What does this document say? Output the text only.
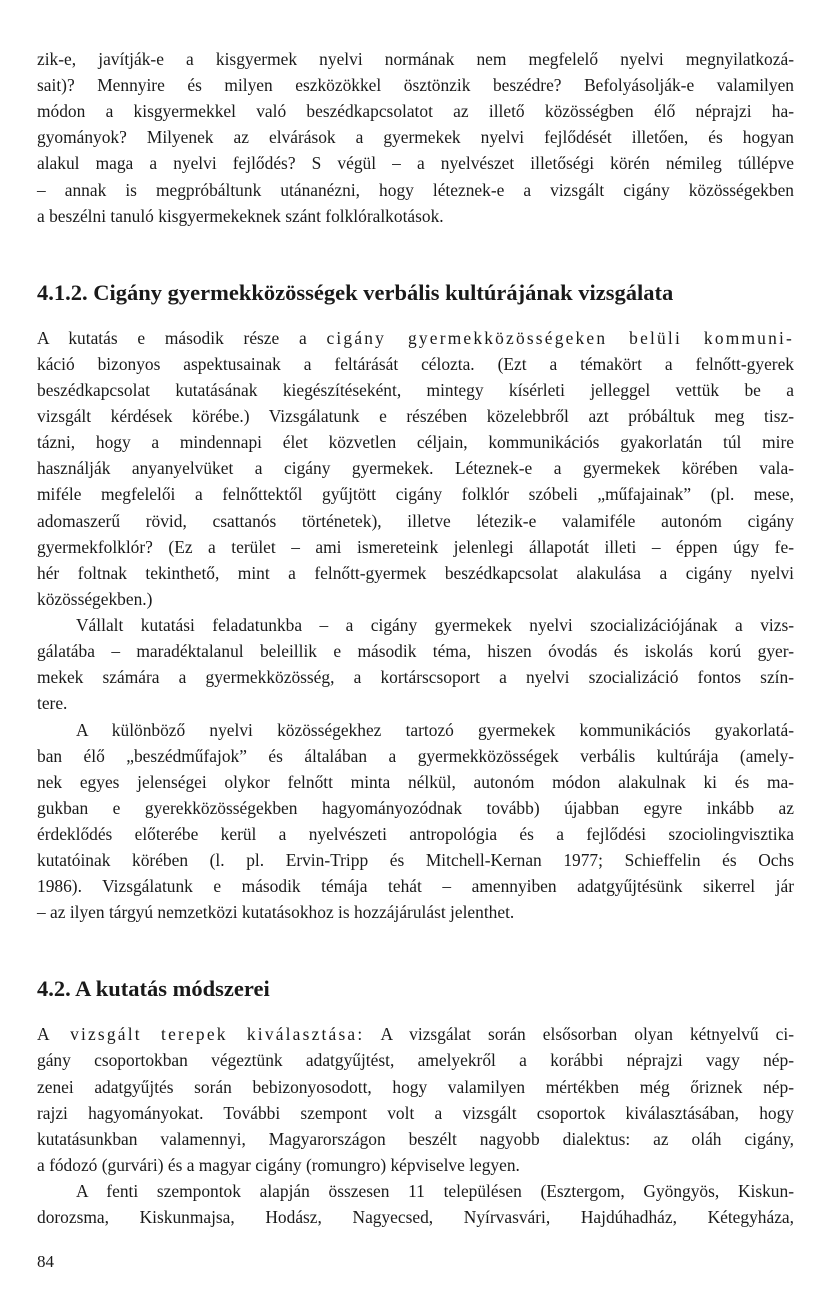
zik-e, javítják-e a kisgyermek nyelvi normának nem megfelelő nyelvi megnyilatkozá-
sait)? Mennyire és milyen eszközökkel ösztönzik beszédre? Befolyásolják-e valamilyen
módon a kisgyermekkel való beszédkapcsolatot az illető közösségben élő néprajzi ha-
gyományok? Milyenek az elvárások a gyermekek nyelvi fejlődését illetően, és hogyan
alakul maga a nyelvi fejlődés? S végül – a nyelvészet illetőségi körén némileg túllépve
– annak is megpróbáltunk utánanézni, hogy léteznek-e a vizsgált cigány közösségekben
a beszélni tanuló kisgyermekeknek szánt folklóralkotások.
4.1.2. Cigány gyermekközösségek verbális kultúrájának vizsgálata
A kutatás e második része a cigány gyermekközösségeken belüli kommuni-
káció bizonyos aspektusainak a feltárását célozta. (Ezt a témakört a felnőtt-gyerek
beszédkapcsolat kutatásának kiegészítéseként, mintegy kísérleti jelleggel vettük be a
vizsgált kérdések körébe.) Vizsgálatunk e részében közelebbről azt próbáltuk meg tisz-
tázni, hogy a mindennapi élet közvetlen céljain, kommunikációs gyakorlatán túl mire
használják anyanyelvüket a cigány gyermekek. Léteznek-e a gyermekek körében vala-
miféle megfelelői a felnőttektől gyűjtött cigány folklór szóbeli „műfajainak” (pl. mese,
adomaszerű rövid, csattanós történetek), illetve létezik-e valamiféle autonóm cigány
gyermekfolklór? (Ez a terület – ami ismereteink jelenlegi állapotát illeti – éppen úgy fe-
hér foltnak tekinthető, mint a felnőtt-gyermek beszédkapcsolat alakulása a cigány nyelvi
közösségekben.)
Vállalt kutatási feladatunkba – a cigány gyermekek nyelvi szocializációjának a vizs-
gálatába – maradéktalanul beleillik e második téma, hiszen óvodás és iskolás korú gyer-
mekek számára a gyermekközösség, a kortárscsoport a nyelvi szocializáció fontos szín-
tere.
A különböző nyelvi közösségekhez tartozó gyermekek kommunikációs gyakorlatá-
ban élő „beszédműfajok” és általában a gyermekközösségek verbális kultúrája (amely-
nek egyes jelenségei olykor felnőtt minta nélkül, autonóm módon alakulnak ki és ma-
gukban e gyerekközösségekben hagyományozódnak tovább) újabban egyre inkább az
érdeklődés előterébe kerül a nyelvészeti antropológia és a fejlődési szociolingvisztika
kutatóinak körében (l. pl. Ervin-Tripp és Mitchell-Kernan 1977; Schieffelin és Ochs
1986). Vizsgálatunk e második témája tehát – amennyiben adatgyűjtésünk sikerrel jár
– az ilyen tárgyú nemzetközi kutatásokhoz is hozzájárulást jelenthet.
4.2. A kutatás módszerei
A vizsgált terepek kiválasztása: A vizsgálat során elsősorban olyan kétnyelvű ci-
gány csoportokban végeztünk adatgyűjtést, amelyekről a korábbi néprajzi vagy nép-
zenei adatgyűjtés során bebizonyosodott, hogy valamilyen mértékben még őriznek nép-
rajzi hagyományokat. További szempont volt a vizsgált csoportok kiválasztásában, hogy
kutatásunkban valamennyi, Magyarországon beszélt nagyobb dialektus: az oláh cigány,
a fódozó (gurvári) és a magyar cigány (romungro) képviselve legyen.
A fenti szempontok alapján összesen 11 településen (Esztergom, Gyöngyös, Kiskun-
dorozsma, Kiskunmajsa, Hodász, Nagyecsed, Nyírvasvári, Hajdúhadház, Kétegyháza,
84
